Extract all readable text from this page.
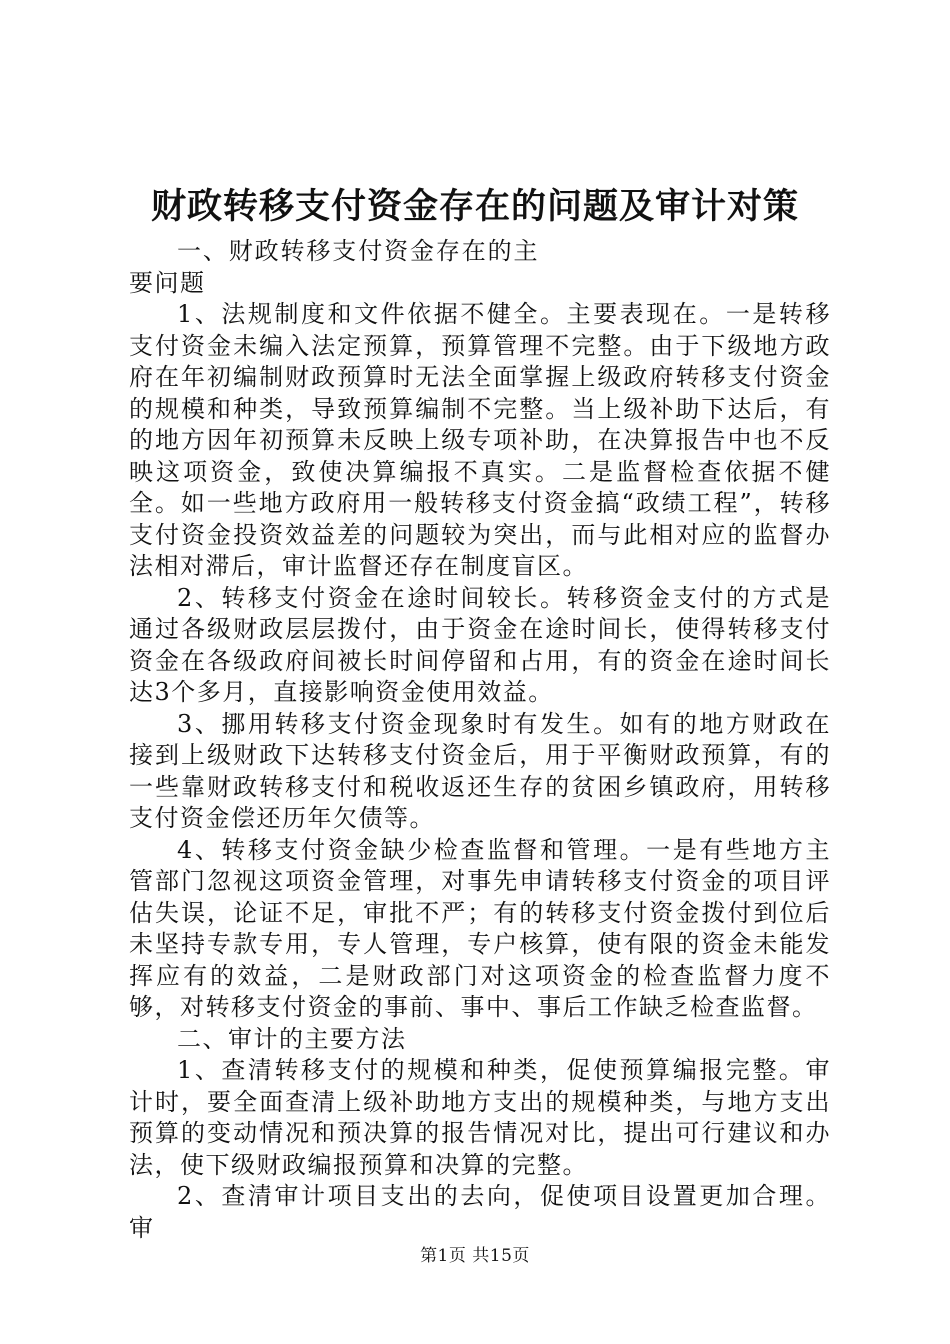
财政转移支付资金存在的问题及审计对策

一、财政转移支付资金存在的主要问题

1、法规制度和文件依据不健全。主要表现在。一是转移支付资金未编入法定预算，预算管理不完整。由于下级地方政府在年初编制财政预算时无法全面掌握上级政府转移支付资金的规模和种类，导致预算编制不完整。当上级补助下达后，有的地方因年初预算未反映上级专项补助，在决算报告中也不反映这项资金，致使决算编报不真实。二是监督检查依据不健全。如一些地方政府用一般转移支付资金搞“政绩工程”，转移支付资金投资效益差的问题较为突出，而与此相对应的监督办法相对滞后，审计监督还存在制度盲区。

2、转移支付资金在途时间较长。转移资金支付的方式是通过各级财政层层拨付，由于资金在途时间长，使得转移支付资金在各级政府间被长时间停留和占用，有的资金在途时间长达3个多月，直接影响资金使用效益。

3、挪用转移支付资金现象时有发生。如有的地方财政在接到上级财政下达转移支付资金后，用于平衡财政预算，有的一些靠财政转移支付和税收返还生存的贫困乡镇政府，用转移支付资金偿还历年欠债等。

4、转移支付资金缺少检查监督和管理。一是有些地方主管部门忽视这项资金管理，对事先申请转移支付资金的项目评估失误，论证不足，审批不严；有的转移支付资金拨付到位后未坚持专款专用，专人管理，专户核算，使有限的资金未能发挥应有的效益，二是财政部门对这项资金的检查监督力度不够，对转移支付资金的事前、事中、事后工作缺乏检查监督。

二、审计的主要方法

1、查清转移支付的规模和种类，促使预算编报完整。审计时，要全面查清上级补助地方支出的规模种类，与地方支出预算的变动情况和预决算的报告情况对比，提出可行建议和办法，使下级财政编报预算和决算的完整。

2、查清审计项目支出的去向，促使项目设置更加合理。审

第1页 共15页
